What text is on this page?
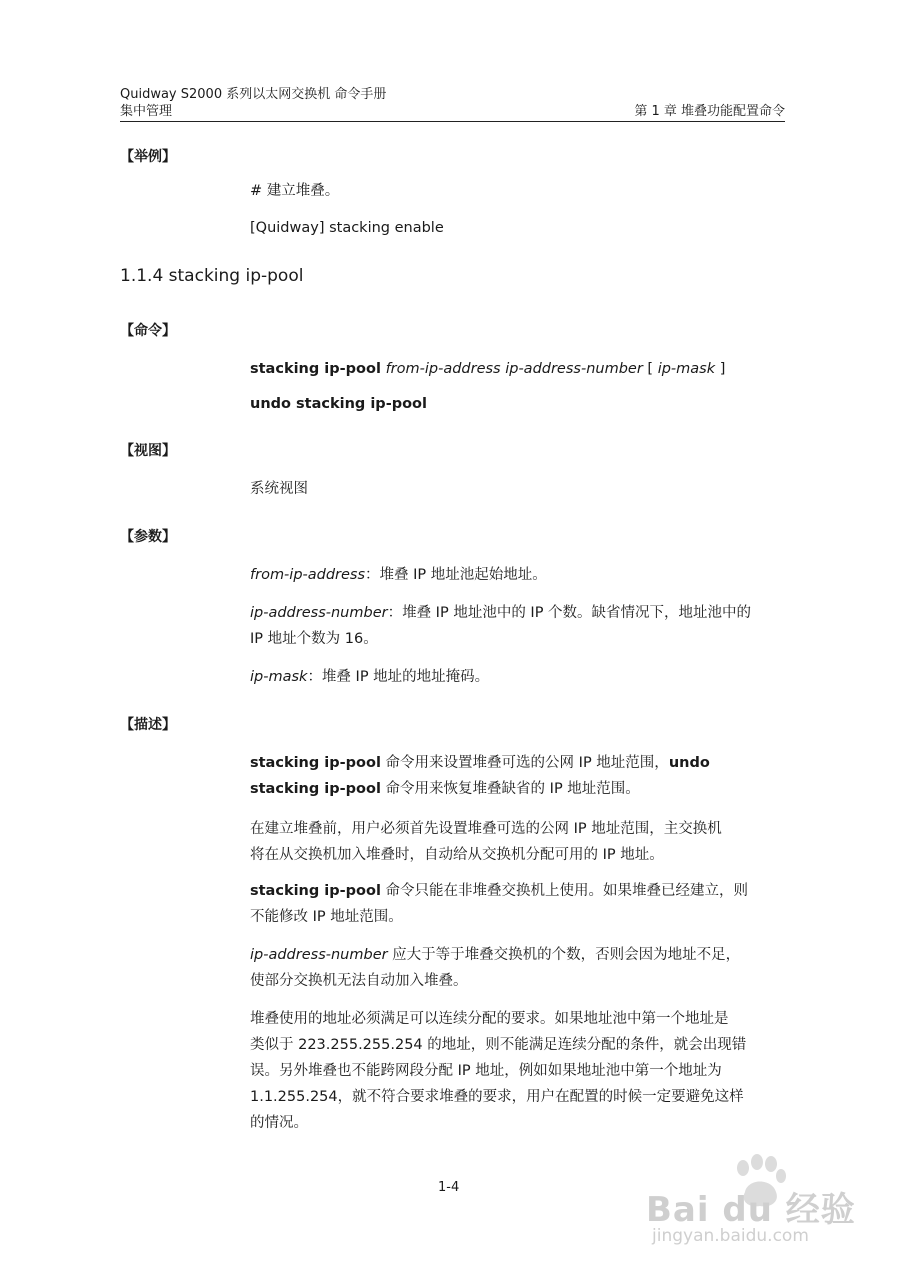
Quidway S2000 系列以太网交换机 命令手册
集中管理	第 1 章 堆叠功能配置命令
【举例】
# 建立堆叠。
[Quidway] stacking enable
1.1.4 stacking ip-pool
【命令】
stacking ip-pool from-ip-address ip-address-number [ ip-mask ]
undo stacking ip-pool
【视图】
系统视图
【参数】
from-ip-address：堆叠 IP 地址池起始地址。
ip-address-number：堆叠 IP 地址池中的 IP 个数。缺省情况下，地址池中的
IP 地址个数为 16。
ip-mask：堆叠 IP 地址的地址掩码。
【描述】
stacking ip-pool 命令用来设置堆叠可选的公网 IP 地址范围，undo
stacking ip-pool 命令用来恢复堆叠缺省的 IP 地址范围。
在建立堆叠前，用户必须首先设置堆叠可选的公网 IP 地址范围，主交换机
将在从交换机加入堆叠时，自动给从交换机分配可用的 IP 地址。
stacking ip-pool 命令只能在非堆叠交换机上使用。如果堆叠已经建立，则
不能修改 IP 地址范围。
ip-address-number 应大于等于堆叠交换机的个数，否则会因为地址不足，
使部分交换机无法自动加入堆叠。
堆叠使用的地址必须满足可以连续分配的要求。如果地址池中第一个地址是
类似于 223.255.255.254 的地址，则不能满足连续分配的条件，就会出现错
误。另外堆叠也不能跨网段分配 IP 地址，例如如果地址池中第一个地址为
1.1.255.254，就不符合要求堆叠的要求，用户在配置的时候一定要避免这样
的情况。
1-4
Bai du 经验
jingyan.baidu.com
